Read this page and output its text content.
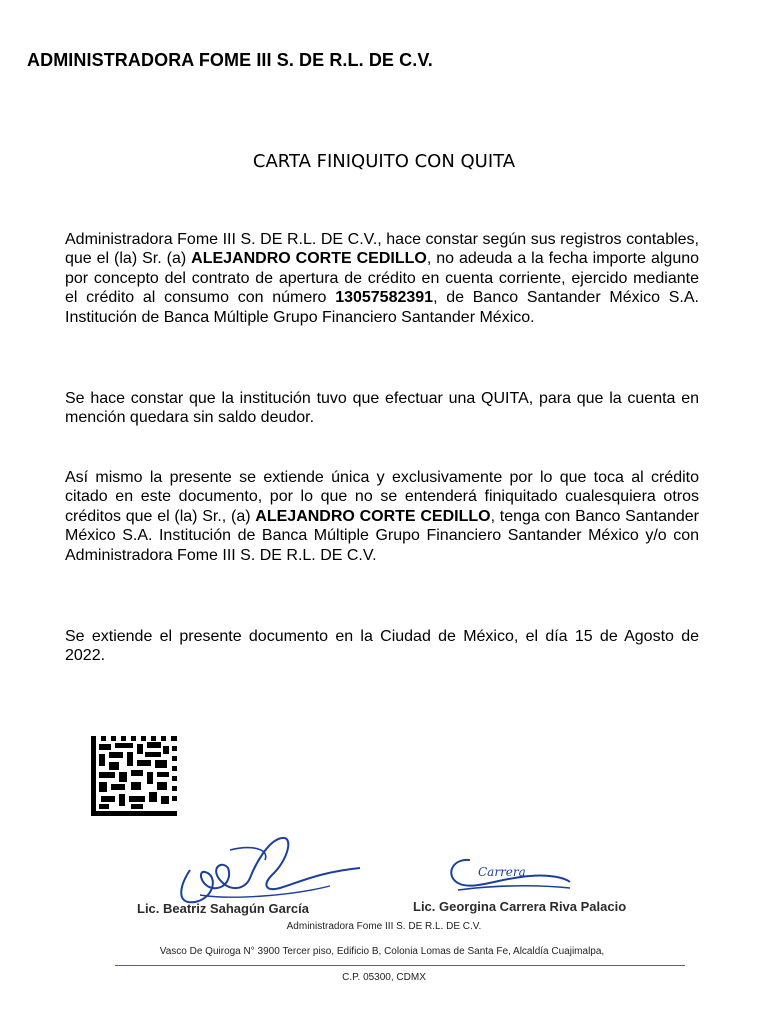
ADMINISTRADORA FOME III S. DE R.L. DE C.V.
CARTA FINIQUITO CON QUITA

Administradora Fome III S. DE R.L. DE C.V., hace constar según sus registros contables, que el (la) Sr. (a) ALEJANDRO CORTE CEDILLO, no adeuda a la fecha importe alguno por concepto del contrato de apertura de crédito en cuenta corriente, ejercido mediante el crédito al consumo con número 13057582391, de Banco Santander México S.A. Institución de Banca Múltiple Grupo Financiero Santander México.

Se hace constar que la institución tuvo que efectuar una QUITA, para que la cuenta en mención quedara sin saldo deudor.

Así mismo la presente se extiende única y exclusivamente por lo que toca al crédito citado en este documento, por lo que no se entenderá finiquitado cualesquiera otros créditos que el (la) Sr., (a) ALEJANDRO CORTE CEDILLO, tenga con Banco Santander México S.A. Institución de Banca Múltiple Grupo Financiero Santander México y/o con Administradora Fome III S. DE R.L. DE C.V.

Se extiende el presente documento en la Ciudad de México, el día 15 de Agosto de 2022.

Carrera
Lic. Beatriz Sahagún García	Lic. Georgina Carrera Riva Palacio
Administradora Fome III S. DE R.L. DE C.V.
Vasco De Quiroga N° 3900 Tercer piso, Edificio B, Colonia Lomas de Santa Fe, Alcaldía Cuajimalpa,
C.P. 05300, CDMX
